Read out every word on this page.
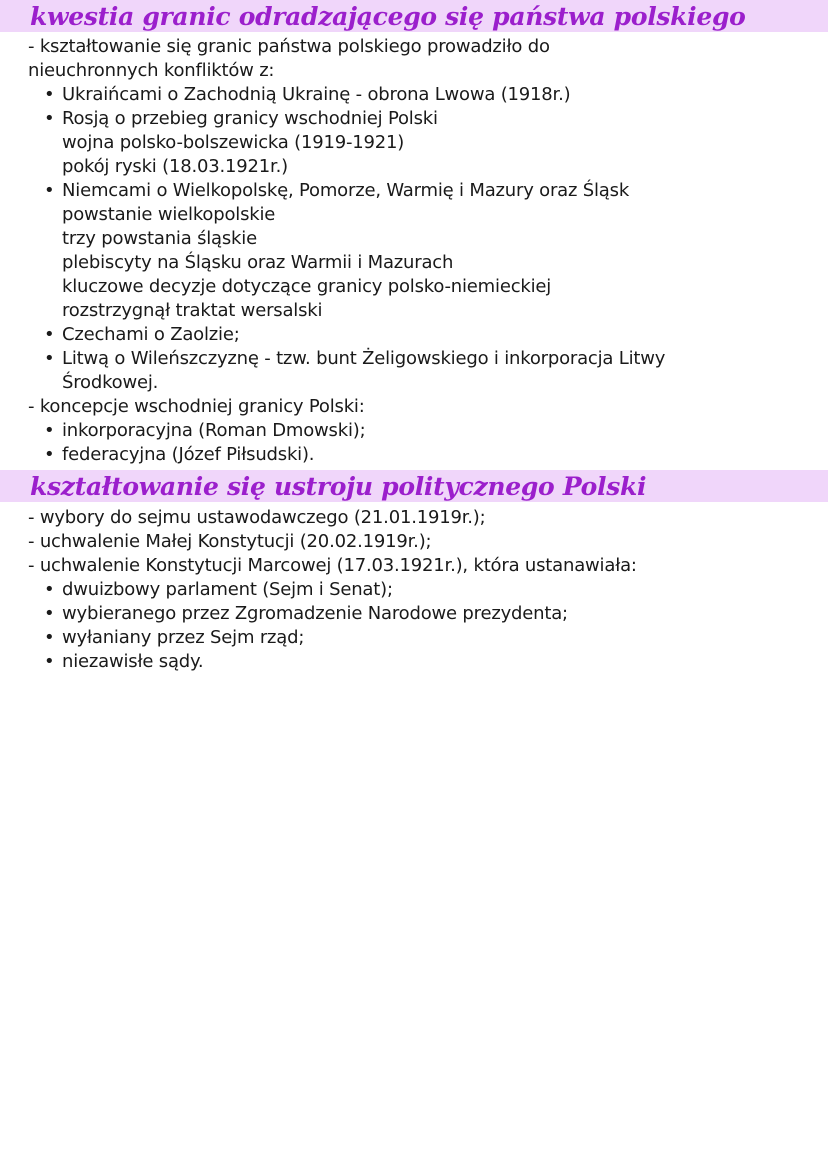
kwestia granic odradzającego się państwa polskiego

- kształtowanie się granic państwa polskiego prowadziło do

nieuchronnych konfliktów z:

• Ukraińcami o Zachodnią Ukrainę - obrona Lwowa (1918r.)
• Rosją o przebieg granicy wschodniej Polski
wojna polsko-bolszewicka (1919-1921)
pokój ryski (18.03.1921r.)
• Niemcami o Wielkopolskę, Pomorze, Warmię i Mazury oraz Śląsk
powstanie wielkopolskie
trzy powstania śląskie
plebiscyty na Śląsku oraz Warmii i Mazurach
kluczowe decyzje dotyczące granicy polsko-niemieckiej
rozstrzygnął traktat wersalski
• Czechami o Zaolzie;
• Litwą o Wileńszczyznę - tzw. bunt Żeligowskiego i inkorporacja Litwy
Środkowej.

- koncepcje wschodniej granicy Polski:

• inkorporacyjna (Roman Dmowski);
• federacyjna (Józef Piłsudski).
kształtowanie się ustroju politycznego Polski

- wybory do sejmu ustawodawczego (21.01.1919r.);

- uchwalenie Małej Konstytucji (20.02.1919r.);

- uchwalenie Konstytucji Marcowej (17.03.1921r.), która ustanawiała:

• dwuizbowy parlament (Sejm i Senat);
• wybieranego przez Zgromadzenie Narodowe prezydenta;
• wyłaniany przez Sejm rząd;
• niezawisłe sądy.
